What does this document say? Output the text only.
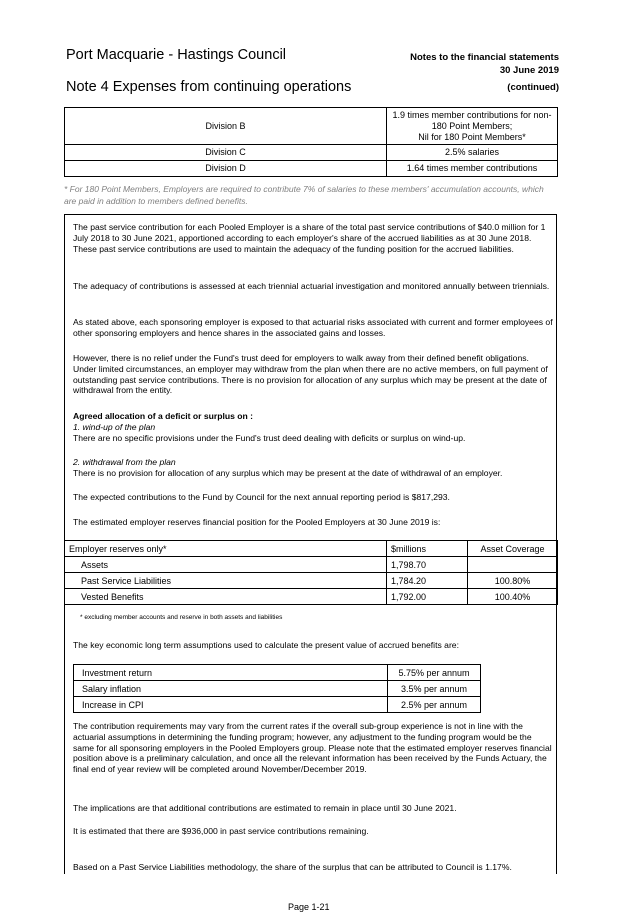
Port Macquarie - Hastings Council	Notes to the financial statements
30 June 2019
Note 4 Expenses from continuing operations	(continued)
Division B	1.9 times member contributions for non-
180 Point Members;
Nil for 180 Point Members*

Division C	2.5% salaries
Division D	1.64 times member contributions
* For 180 Point Members, Employers are required to contribute 7% of salaries to these members' accumulation accounts, which are paid in addition to members defined benefits.

The past service contribution for each Pooled Employer is a share of the total past service contributions of $40.0 million for 1 July 2018 to 30 June 2021, apportioned according to each employer's share of the accrued liabilities as at 30 June 2018. These past service contributions are used to maintain the adequacy of the funding position for the accrued liabilities.

The adequacy of contributions is assessed at each triennial actuarial investigation and monitored annually between triennials.

As stated above, each sponsoring employer is exposed to that actuarial risks associated with current and former employees of other sponsoring employers and hence shares in the associated gains and losses.

However, there is no relief under the Fund's trust deed for employers to walk away from their defined benefit obligations. Under limited circumstances, an employer may withdraw from the plan when there are no active members, on full payment of outstanding past service contributions. There is no provision for allocation of any surplus which may be present at the date of withdrawal from the entity.

Agreed allocation of a deficit or surplus on :

1. wind-up of the plan

There are no specific provisions under the Fund's trust deed dealing with deficits or surplus on wind-up.

2. withdrawal from the plan

There is no provision for allocation of any surplus which may be present at the date of withdrawal of an employer.

The expected contributions to the Fund by Council for the next annual reporting period is $817,293.

The estimated employer reserves financial position for the Pooled Employers at 30 June 2019 is:

Employer reserves only*	$millions	Asset Coverage
Assets	1,798.70	
Past Service Liabilities	1,784.20	100.80%
Vested Benefits	1,792.00	100.40%
* excluding member accounts and reserve in both assets and liabilities

The key economic long term assumptions used to calculate the present value of accrued benefits are:

Investment return	5.75% per annum
Salary inflation	3.5% per annum
Increase in CPI	2.5% per annum

The contribution requirements may vary from the current rates if the overall sub-group experience is not in line with the actuarial assumptions in determining the funding program; however, any adjustment to the funding program would be the same for all sponsoring employers in the Pooled Employers group. Please note that the estimated employer reserves financial position above is a preliminary calculation, and once all the relevant information has been received by the Funds Actuary, the final end of year review will be completed around November/December 2019.

The implications are that additional contributions are estimated to remain in place until 30 June 2021.

It is estimated that there are $936,000 in past service contributions remaining.

Based on a Past Service Liabilities methodology, the share of the surplus that can be attributed to Council is 1.17%.

Page 1-21
